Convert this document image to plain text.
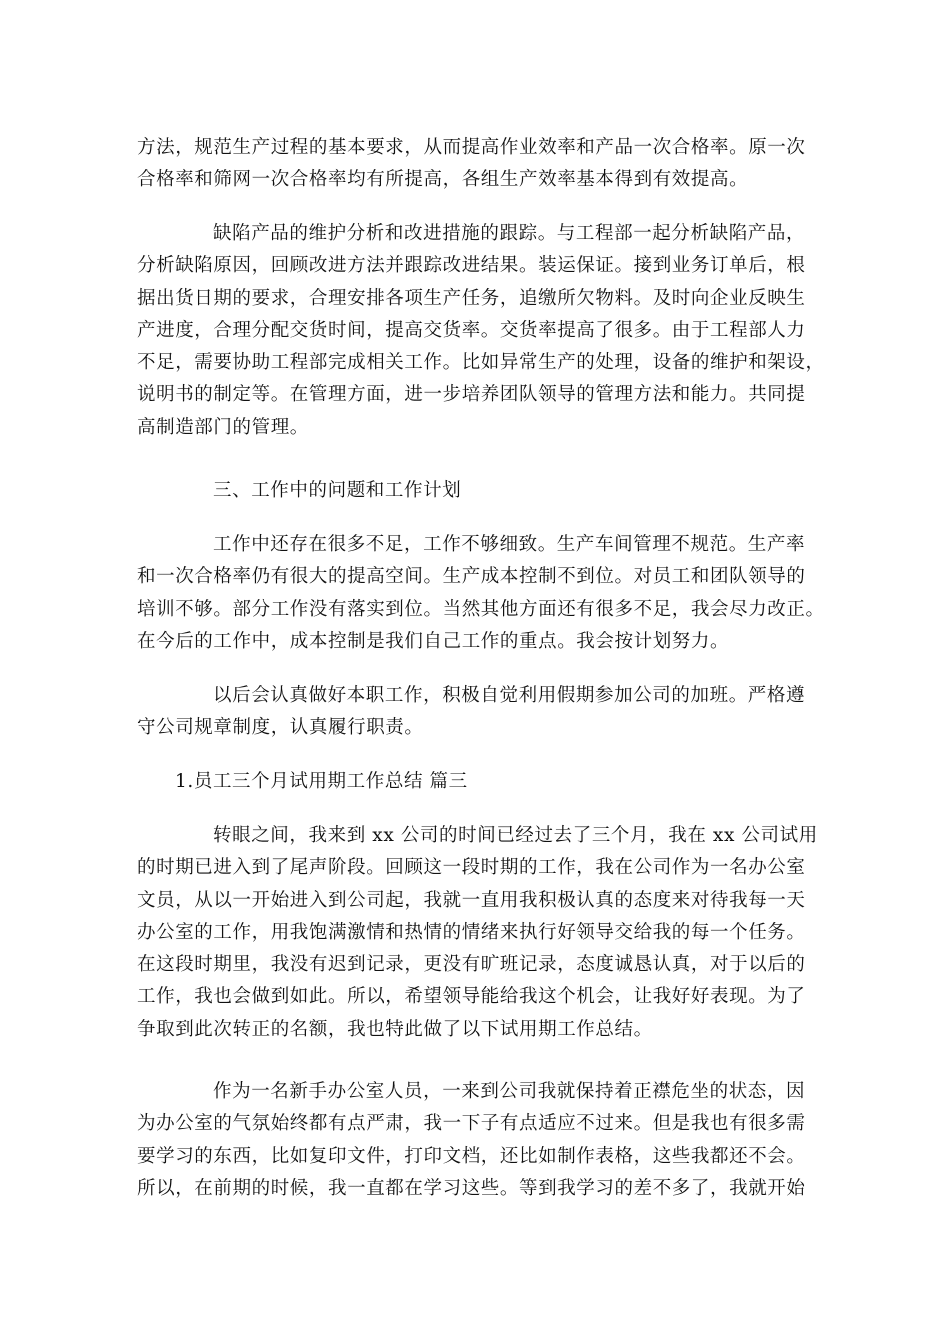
方法，规范生产过程的基本要求，从而提高作业效率和产品一次合格率。原一次
合格率和筛网一次合格率均有所提高，各组生产效率基本得到有效提高。
缺陷产品的维护分析和改进措施的跟踪。与工程部一起分析缺陷产品，
分析缺陷原因，回顾改进方法并跟踪改进结果。装运保证。接到业务订单后，根
据出货日期的要求，合理安排各项生产任务，追缴所欠物料。及时向企业反映生
产进度，合理分配交货时间，提高交货率。交货率提高了很多。由于工程部人力
不足，需要协助工程部完成相关工作。比如异常生产的处理，设备的维护和架设，
说明书的制定等。在管理方面，进一步培养团队领导的管理方法和能力。共同提
高制造部门的管理。
三、工作中的问题和工作计划
工作中还存在很多不足，工作不够细致。生产车间管理不规范。生产率
和一次合格率仍有很大的提高空间。生产成本控制不到位。对员工和团队领导的
培训不够。部分工作没有落实到位。当然其他方面还有很多不足，我会尽力改正。
在今后的工作中，成本控制是我们自己工作的重点。我会按计划努力。
以后会认真做好本职工作，积极自觉利用假期参加公司的加班。严格遵
守公司规章制度，认真履行职责。
1.员工三个月试用期工作总结 篇三
转眼之间，我来到 xx 公司的时间已经过去了三个月，我在 xx 公司试用
的时期已进入到了尾声阶段。回顾这一段时期的工作，我在公司作为一名办公室
文员，从以一开始进入到公司起，我就一直用我积极认真的态度来对待我每一天
办公室的工作，用我饱满激情和热情的情绪来执行好领导交给我的每一个任务。
在这段时期里，我没有迟到记录，更没有旷班记录，态度诚恳认真，对于以后的
工作，我也会做到如此。所以，希望领导能给我这个机会，让我好好表现。为了
争取到此次转正的名额，我也特此做了以下试用期工作总结。
作为一名新手办公室人员，一来到公司我就保持着正襟危坐的状态，因
为办公室的气氛始终都有点严肃，我一下子有点适应不过来。但是我也有很多需
要学习的东西，比如复印文件，打印文档，还比如制作表格，这些我都还不会。
所以，在前期的时候，我一直都在学习这些。等到我学习的差不多了，我就开始
